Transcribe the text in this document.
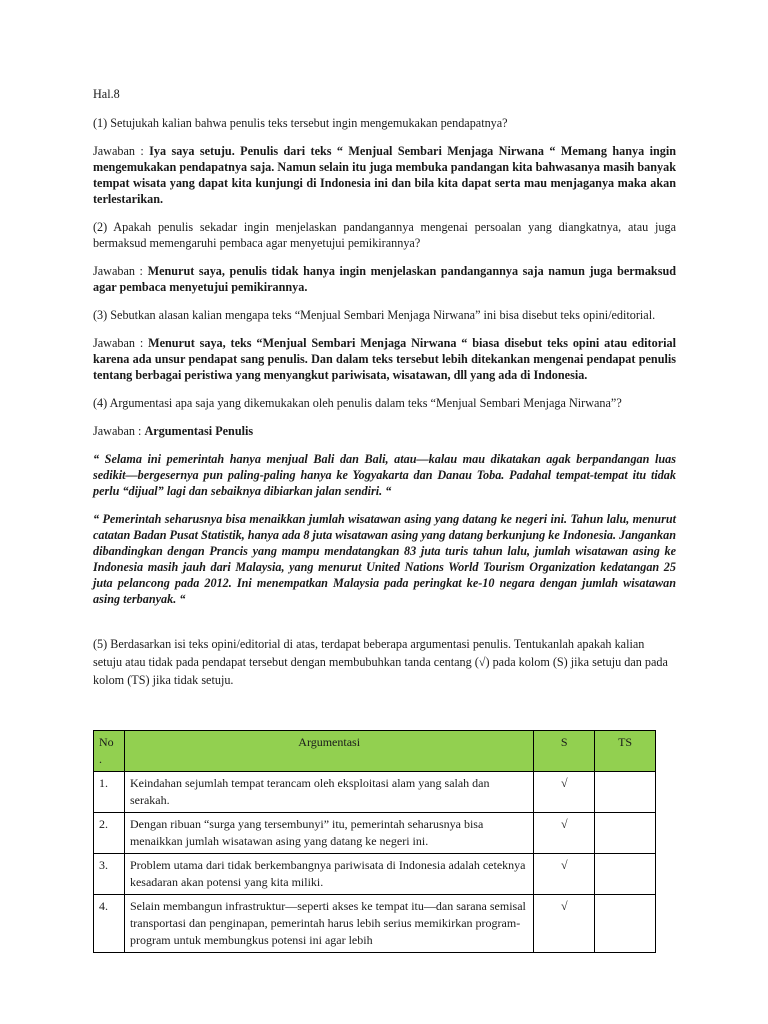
Hal.8

(1) Setujukah kalian bahwa penulis teks tersebut ingin mengemukakan pendapatnya?

Jawaban : Iya saya setuju. Penulis dari teks “ Menjual Sembari Menjaga Nirwana “ Memang hanya ingin mengemukakan pendapatnya saja. Namun selain itu juga membuka pandangan kita bahwasanya masih banyak tempat wisata yang dapat kita kunjungi di Indonesia ini dan bila kita dapat serta mau menjaganya maka akan terlestarikan.

(2) Apakah penulis sekadar ingin menjelaskan pandangannya mengenai persoalan yang diangkatnya, atau juga bermaksud memengaruhi pembaca agar menyetujui pemikirannya?

Jawaban : Menurut saya, penulis tidak hanya ingin menjelaskan pandangannya saja namun juga bermaksud agar pembaca menyetujui pemikirannya.

(3) Sebutkan alasan kalian mengapa teks “Menjual Sembari Menjaga Nirwana” ini bisa disebut teks opini/editorial.

Jawaban : Menurut saya, teks “Menjual Sembari Menjaga Nirwana “ biasa disebut teks opini atau editorial karena ada unsur pendapat sang penulis. Dan dalam teks tersebut lebih ditekankan mengenai pendapat penulis tentang berbagai peristiwa yang menyangkut pariwisata, wisatawan, dll yang ada di Indonesia.

(4) Argumentasi apa saja yang dikemukakan oleh penulis dalam teks “Menjual Sembari Menjaga Nirwana”?

Jawaban : Argumentasi Penulis

“ Selama ini pemerintah hanya menjual Bali dan Bali, atau—kalau mau dikatakan agak berpandangan luas sedikit—bergesernya pun paling-paling hanya ke Yogyakarta dan Danau Toba. Padahal tempat-tempat itu tidak perlu “dijual” lagi dan sebaiknya dibiarkan jalan sendiri. “

“ Pemerintah seharusnya bisa menaikkan jumlah wisatawan asing yang datang ke negeri ini. Tahun lalu, menurut catatan Badan Pusat Statistik, hanya ada 8 juta wisatawan asing yang datang berkunjung ke Indonesia. Jangankan dibandingkan dengan Prancis yang mampu mendatangkan 83 juta turis tahun lalu, jumlah wisatawan asing ke Indonesia masih jauh dari Malaysia, yang menurut United Nations World Tourism Organization kedatangan 25 juta pelancong pada 2012. Ini menempatkan Malaysia pada peringkat ke-10 negara dengan jumlah wisatawan asing terbanyak. “

(5) Berdasarkan isi teks opini/editorial di atas, terdapat beberapa argumentasi penulis. Tentukanlah apakah kalian setuju atau tidak pada pendapat tersebut dengan membubuhkan tanda centang (√) pada kolom (S) jika setuju dan pada kolom (TS) jika tidak setuju.

No .	Argumentasi	S	TS
1.	Keindahan sejumlah tempat terancam oleh eksploitasi alam yang salah dan serakah.	√	
2.	Dengan ribuan “surga yang tersembunyi” itu, pemerintah seharusnya bisa menaikkan jumlah wisatawan asing yang datang ke negeri ini.	√	
3.	Problem utama dari tidak berkembangnya pariwisata di Indonesia adalah ceteknya kesadaran akan potensi yang kita miliki.	√	
4.	Selain membangun infrastruktur—seperti akses ke tempat itu—dan sarana semisal transportasi dan penginapan, pemerintah harus lebih serius memikirkan program-program untuk membungkus potensi ini agar lebih	√	
